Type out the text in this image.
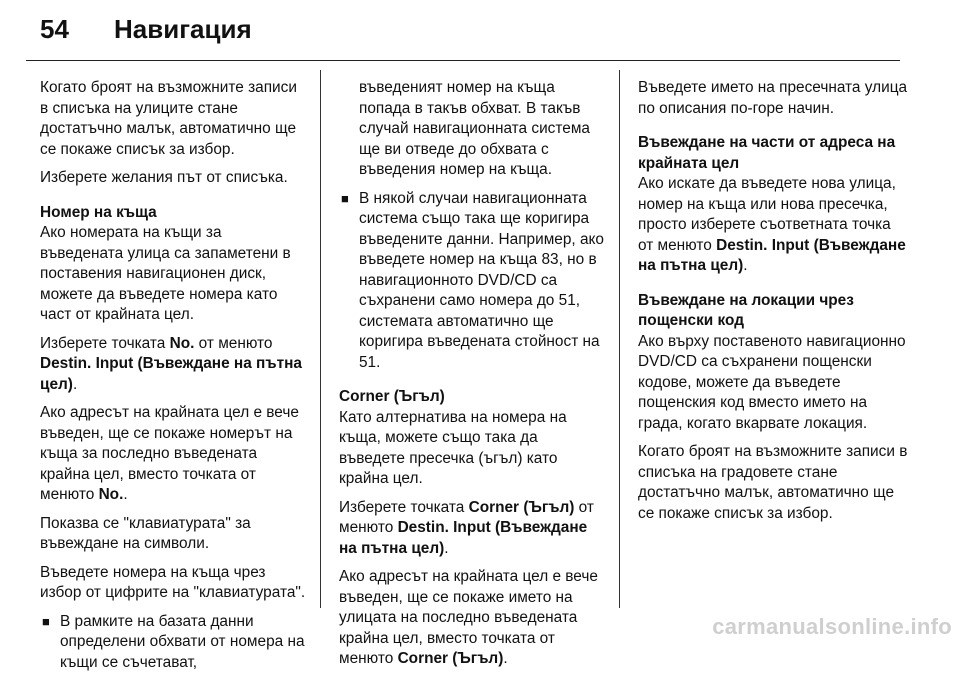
54	Навигация

Когато броят на възможните записи в списъка на улиците стане достатъчно малък, автоматично ще се покаже списък за избор.

Изберете желания път от списъка.

Номер на къща

Ако номерата на къщи за въведената улица са запаметени в поставения навигационен диск, можете да въведете номера като част от крайната цел.

Изберете точката No. от менюто Destin. Input (Въвеждане на пътна цел).

Ако адресът на крайната цел е вече въведен, ще се покаже номерът на къща за последно въведената крайна цел, вместо точката от менюто No..

Показва се "клавиатурата" за въвеждане на символи.

Въведете номера на къща чрез избор от цифрите на "клавиатурата".

■ В рамките на базата данни определени обхвати от номера на къщи се съчетават,

въведеният номер на къща попада в такъв обхват. В такъв случай навигационната система ще ви отведе до обхвата с въведения номер на къща.

■ В някой случаи навигационната система също така ще коригира въведените данни. Например, ако въведете номер на къща 83, но в навигационното DVD/CD са съхранени само номера до 51, системата автоматично ще коригира въведената стойност на 51.
Corner (Ъгъл)

Като алтернатива на номера на къща, можете също така да въведете пресечка (ъгъл) като крайна цел.

Изберете точката Corner (Ъгъл) от менюто Destin. Input (Въвеждане на пътна цел).

Ако адресът на крайната цел е вече въведен, ще се покаже името на улицата на последно въведената крайна цел, вместо точката от менюто Corner (Ъгъл).

Въведете името на пресечната улица по описания по-горе начин.

Въвеждане на части от адреса на крайната цел

Ако искате да въведете нова улица, номер на къща или нова пресечка, просто изберете съответната точка от менюто Destin. Input (Въвеждане на пътна цел).

Въвеждане на локации чрез пощенски код

Ако върху поставеното навигационно DVD/CD са съхранени пощенски кодове, можете да въведете пощенския код вместо името на града, когато вкарвате локация.

Когато броят на възможните записи в списъка на градовете стане достатъчно малък, автоматично ще се покаже списък за избор.

carmanualsonline.info
